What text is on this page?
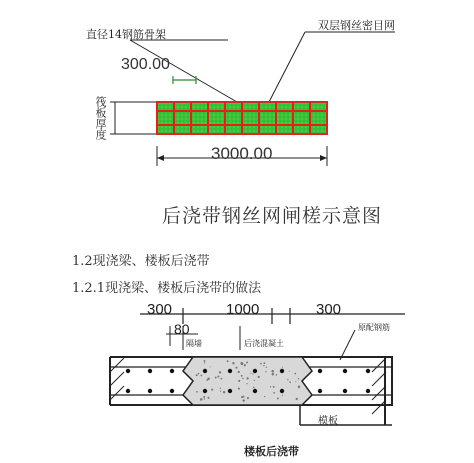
直径14钢筋骨架
双层钢丝密目网
300.00
筏板厚度
3000.00
后浇带钢丝网闸槎示意图
1.2现浇梁、楼板后浇带
1.2.1现浇梁、楼板后浇带的做法
300	1000	300
80
隔墙	后浇混凝土
原配钢筋
模板
楼板后浇带
